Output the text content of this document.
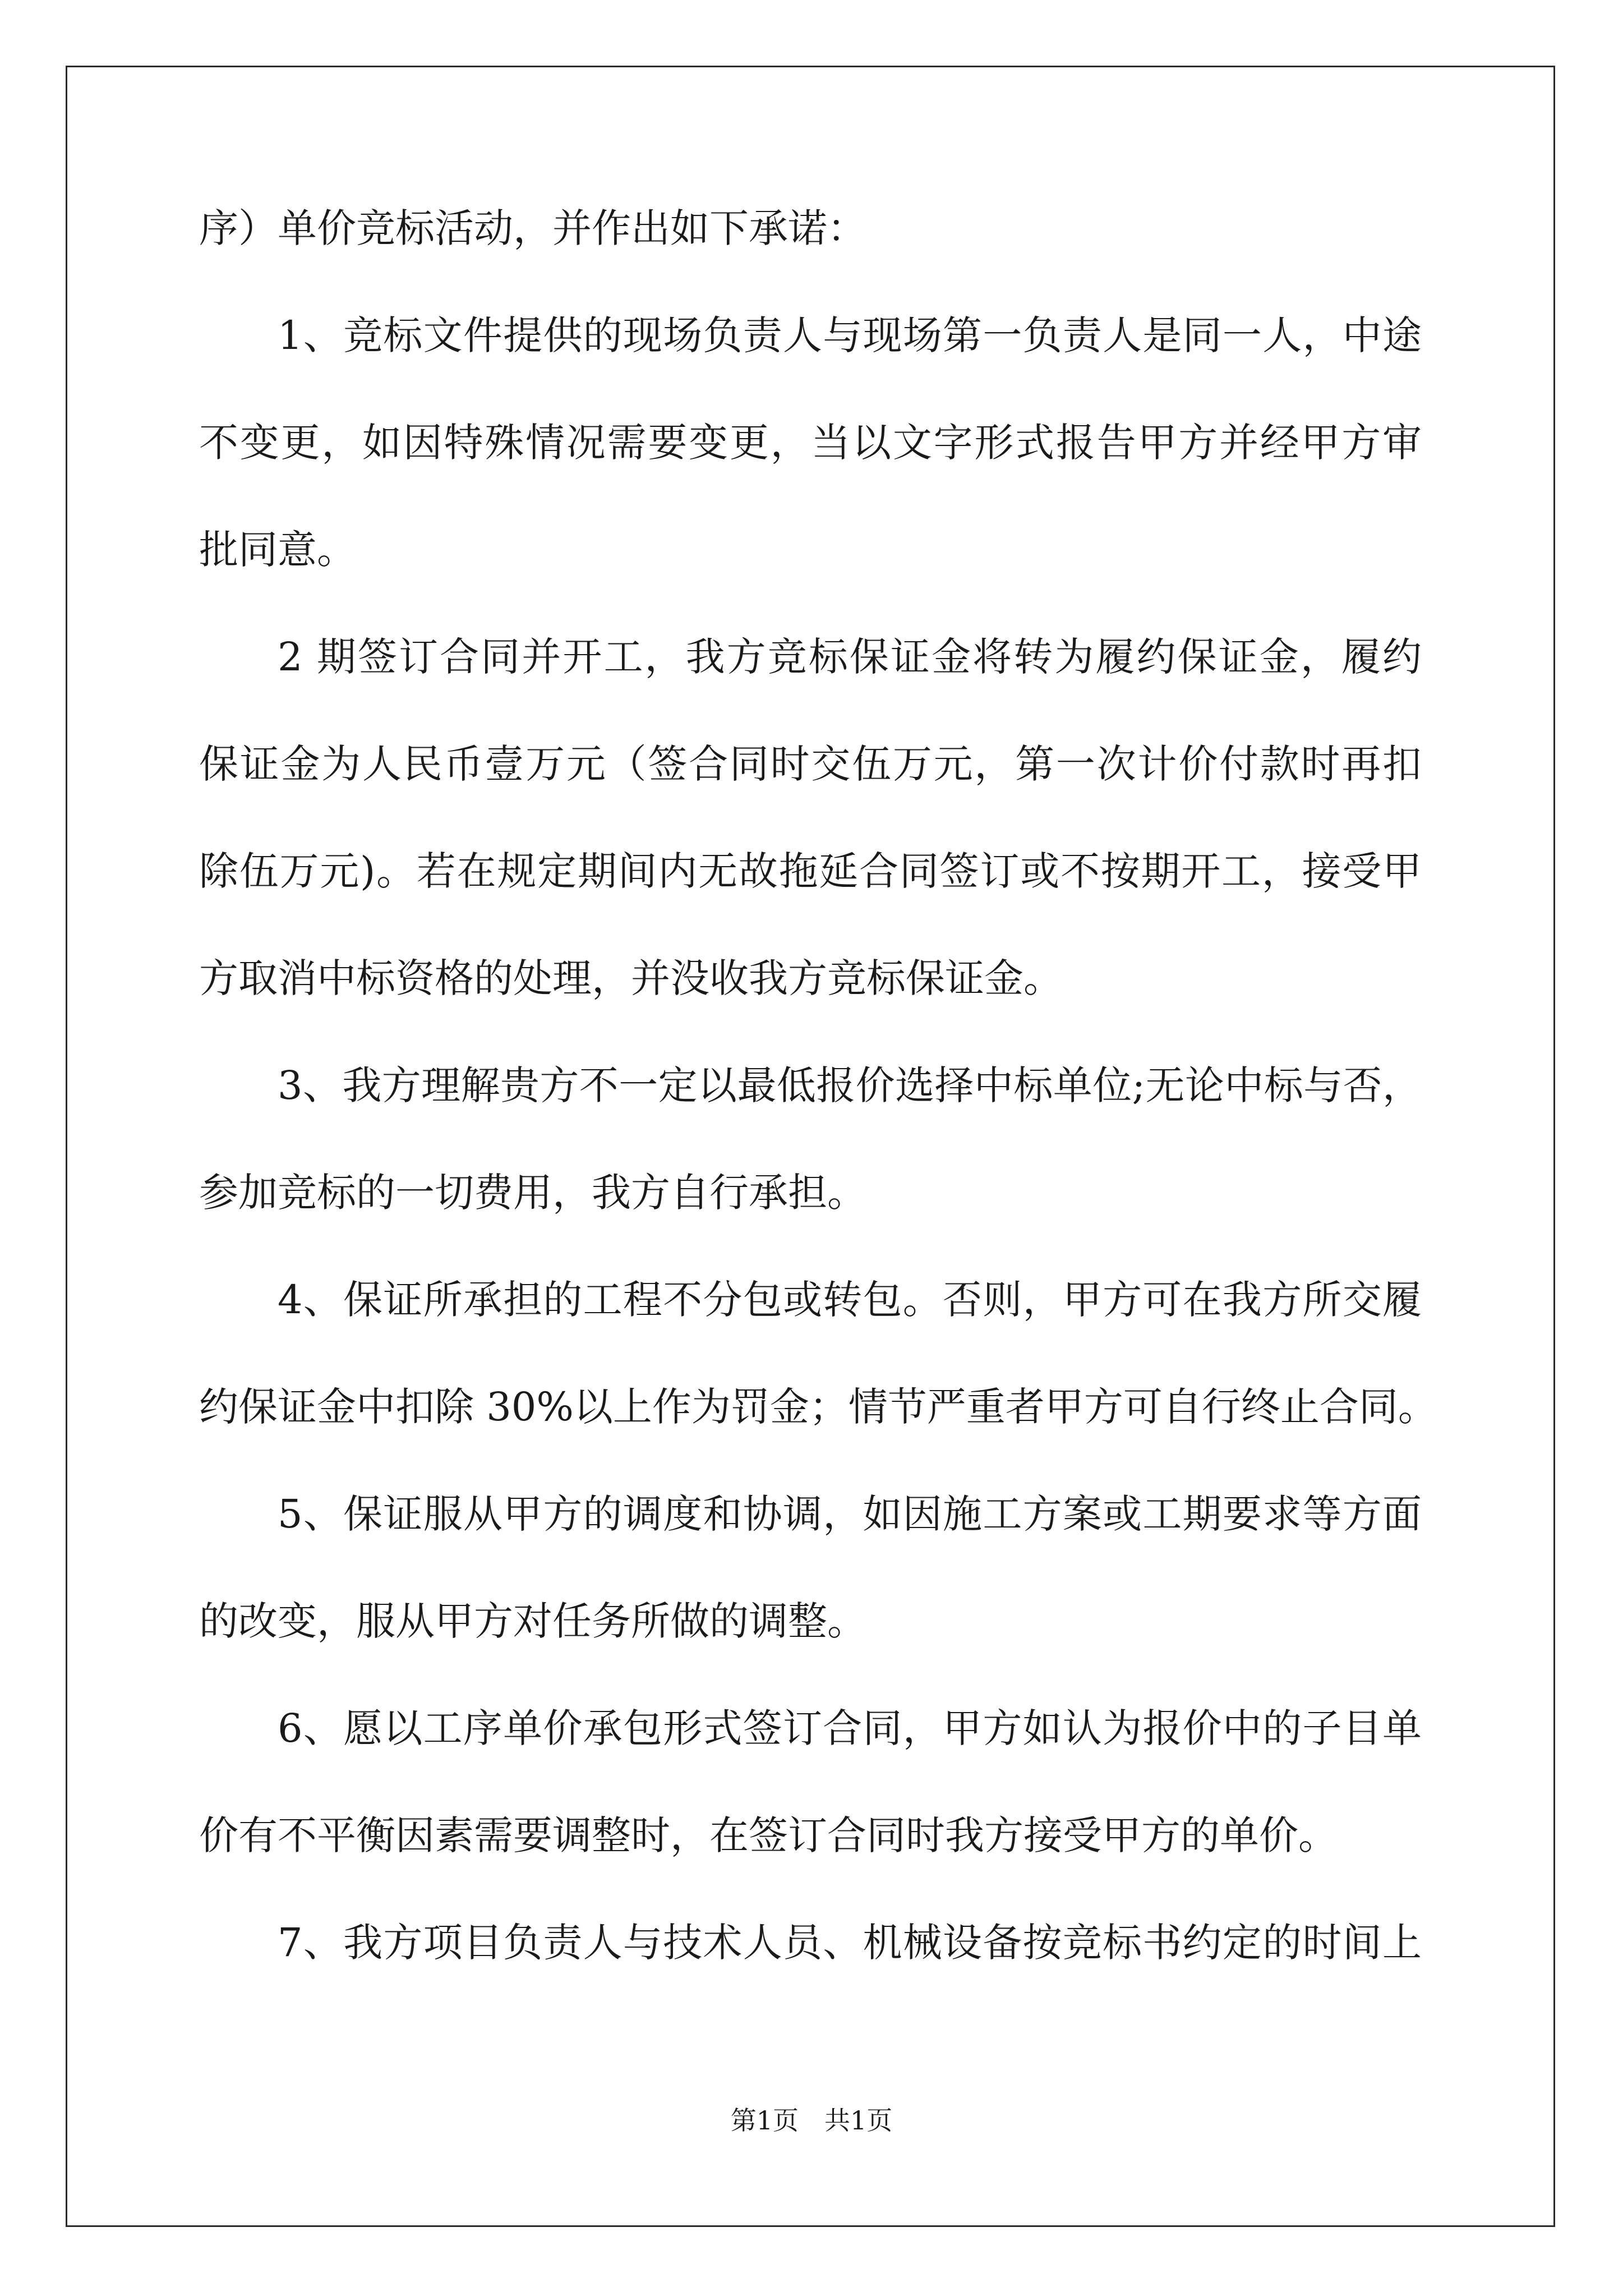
序）单价竞标活动，并作出如下承诺：
1、竞标文件提供的现场负责人与现场第一负责人是同一人，中途
不变更，如因特殊情况需要变更，当以文字形式报告甲方并经甲方审
批同意。
2 期签订合同并开工，我方竞标保证金将转为履约保证金，履约
保证金为人民币壹万元（签合同时交伍万元，第一次计价付款时再扣
除伍万元)。若在规定期间内无故拖延合同签订或不按期开工，接受甲
方取消中标资格的处理，并没收我方竞标保证金。
3、我方理解贵方不一定以最低报价选择中标单位;无论中标与否，
参加竞标的一切费用，我方自行承担。
4、保证所承担的工程不分包或转包。否则，甲方可在我方所交履
约保证金中扣除 30%以上作为罚金；情节严重者甲方可自行终止合同。
5、保证服从甲方的调度和协调，如因施工方案或工期要求等方面
的改变，服从甲方对任务所做的调整。
6、愿以工序单价承包形式签订合同，甲方如认为报价中的子目单
价有不平衡因素需要调整时，在签订合同时我方接受甲方的单价。
7、我方项目负责人与技术人员、机械设备按竞标书约定的时间上
第1页　共1页
